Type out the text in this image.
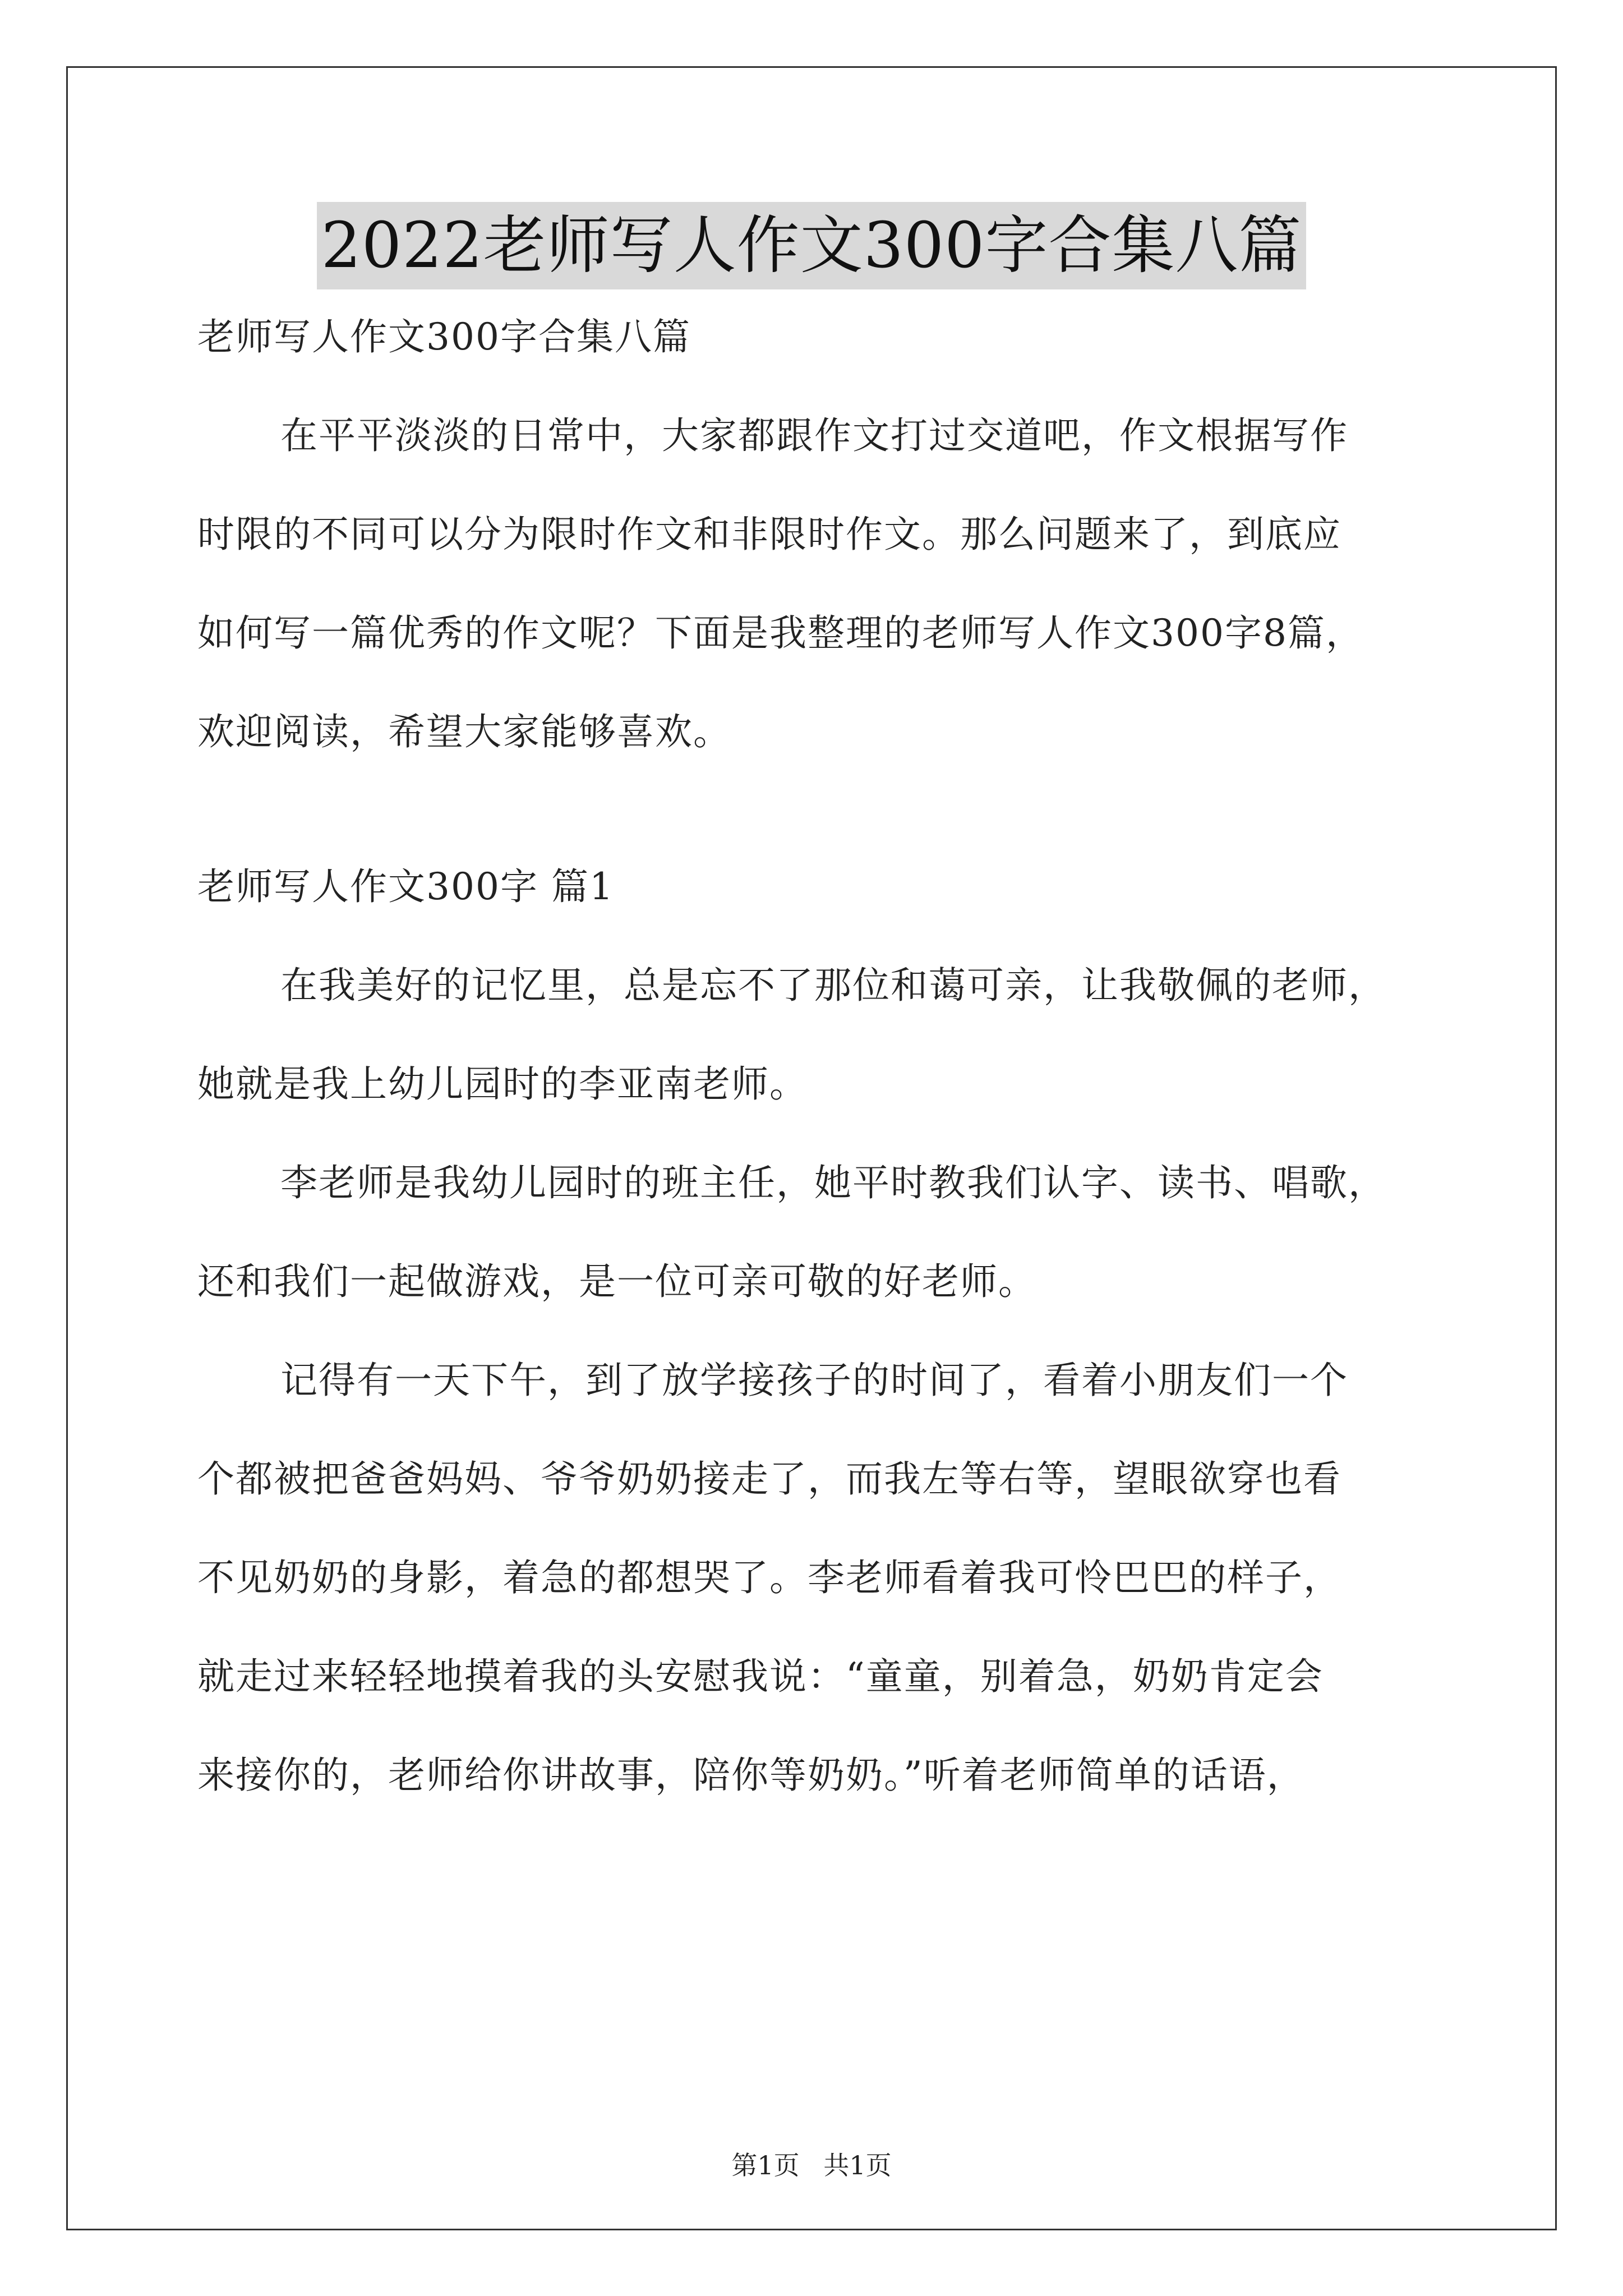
2022老师写人作文300字合集八篇
老师写人作文300字合集八篇
在平平淡淡的日常中，大家都跟作文打过交道吧，作文根据写作
时限的不同可以分为限时作文和非限时作文。那么问题来了，到底应
如何写一篇优秀的作文呢？下面是我整理的老师写人作文300字8篇，
欢迎阅读，希望大家能够喜欢。
老师写人作文300字 篇1
在我美好的记忆里，总是忘不了那位和蔼可亲，让我敬佩的老师，
她就是我上幼儿园时的李亚南老师。
李老师是我幼儿园时的班主任，她平时教我们认字、读书、唱歌，
还和我们一起做游戏，是一位可亲可敬的好老师。
记得有一天下午，到了放学接孩子的时间了，看着小朋友们一个
个都被把爸爸妈妈、爷爷奶奶接走了，而我左等右等，望眼欲穿也看
不见奶奶的身影，着急的都想哭了。李老师看着我可怜巴巴的样子，
就走过来轻轻地摸着我的头安慰我说：“童童，别着急，奶奶肯定会
来接你的，老师给你讲故事，陪你等奶奶。”听着老师简单的话语，
第1页 共1页
